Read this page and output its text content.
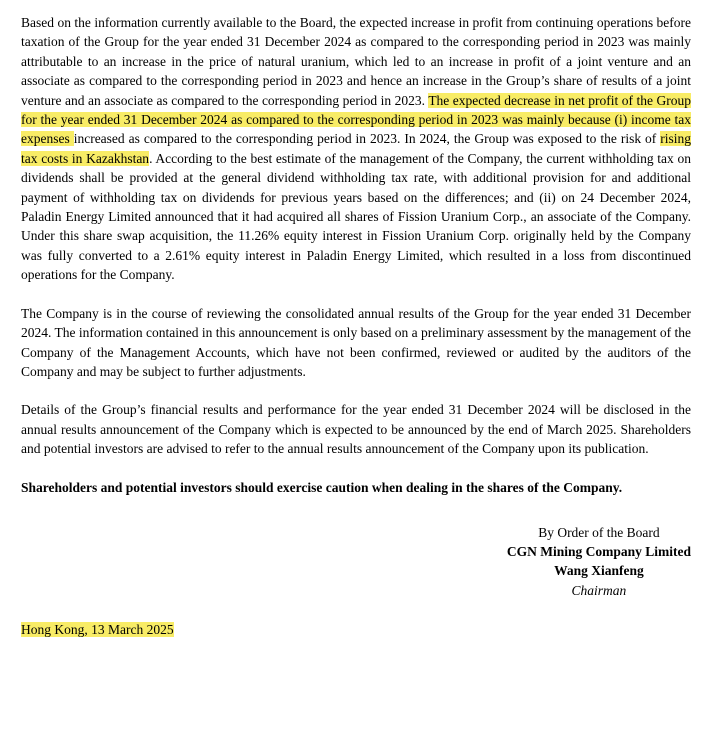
Based on the information currently available to the Board, the expected increase in profit from continuing operations before taxation of the Group for the year ended 31 December 2024 as compared to the corresponding period in 2023 was mainly attributable to an increase in the price of natural uranium, which led to an increase in profit of a joint venture and an associate as compared to the corresponding period in 2023 and hence an increase in the Group’s share of results of a joint venture and an associate as compared to the corresponding period in 2023. The expected decrease in net profit of the Group for the year ended 31 December 2024 as compared to the corresponding period in 2023 was mainly because (i) income tax expenses increased as compared to the corresponding period in 2023. In 2024, the Group was exposed to the risk of rising tax costs in Kazakhstan. According to the best estimate of the management of the Company, the current withholding tax on dividends shall be provided at the general dividend withholding tax rate, with additional provision for and additional payment of withholding tax on dividends for previous years based on the differences; and (ii) on 24 December 2024, Paladin Energy Limited announced that it had acquired all shares of Fission Uranium Corp., an associate of the Company. Under this share swap acquisition, the 11.26% equity interest in Fission Uranium Corp. originally held by the Company was fully converted to a 2.61% equity interest in Paladin Energy Limited, which resulted in a loss from discontinued operations for the Company.

The Company is in the course of reviewing the consolidated annual results of the Group for the year ended 31 December 2024. The information contained in this announcement is only based on a preliminary assessment by the management of the Company of the Management Accounts, which have not been confirmed, reviewed or audited by the auditors of the Company and may be subject to further adjustments.

Details of the Group’s financial results and performance for the year ended 31 December 2024 will be disclosed in the annual results announcement of the Company which is expected to be announced by the end of March 2025. Shareholders and potential investors are advised to refer to the annual results announcement of the Company upon its publication.

Shareholders and potential investors should exercise caution when dealing in the shares of the Company.

By Order of the Board
CGN Mining Company Limited
Wang Xianfeng
Chairman
Hong Kong, 13 March 2025
